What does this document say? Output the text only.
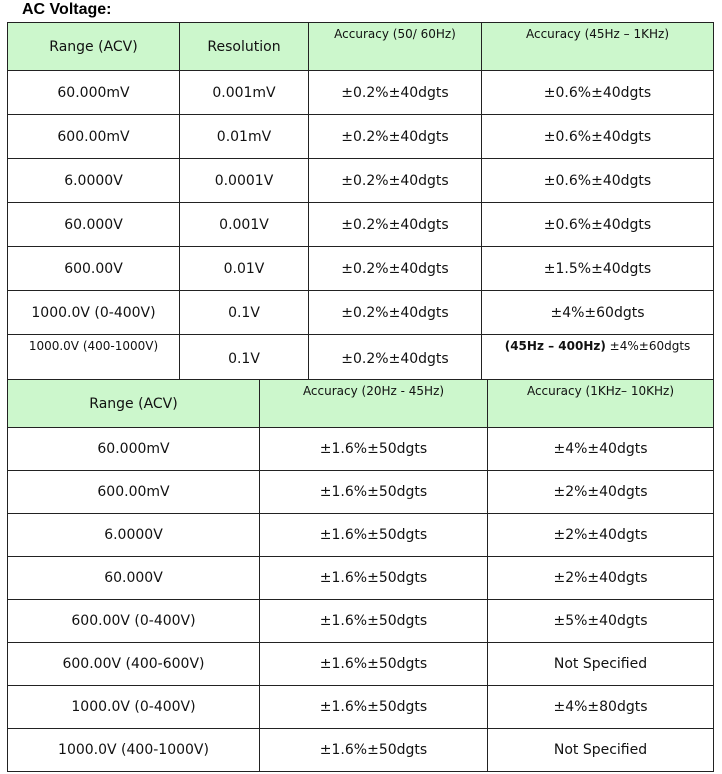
AC Voltage:
Range (ACV)	Resolution	Accuracy (50/ 60Hz)	Accuracy (45Hz – 1KHz)
60.000mV	0.001mV	±0.2%±40dgts	±0.6%±40dgts
600.00mV	0.01mV	±0.2%±40dgts	±0.6%±40dgts
6.0000V	0.0001V	±0.2%±40dgts	±0.6%±40dgts
60.000V	0.001V	±0.2%±40dgts	±0.6%±40dgts
600.00V	0.01V	±0.2%±40dgts	±1.5%±40dgts
1000.0V (0-400V)	0.1V	±0.2%±40dgts	±4%±60dgts
1000.0V (400-1000V)	0.1V	±0.2%±40dgts	(45Hz – 400Hz) ±4%±60dgts
Range (ACV)	Accuracy (20Hz - 45Hz)	Accuracy (1KHz– 10KHz)
60.000mV	±1.6%±50dgts	±4%±40dgts
600.00mV	±1.6%±50dgts	±2%±40dgts
6.0000V	±1.6%±50dgts	±2%±40dgts
60.000V	±1.6%±50dgts	±2%±40dgts
600.00V (0-400V)	±1.6%±50dgts	±5%±40dgts
600.00V (400-600V)	±1.6%±50dgts	Not Specified
1000.0V (0-400V)	±1.6%±50dgts	±4%±80dgts
1000.0V (400-1000V)	±1.6%±50dgts	Not Specified
